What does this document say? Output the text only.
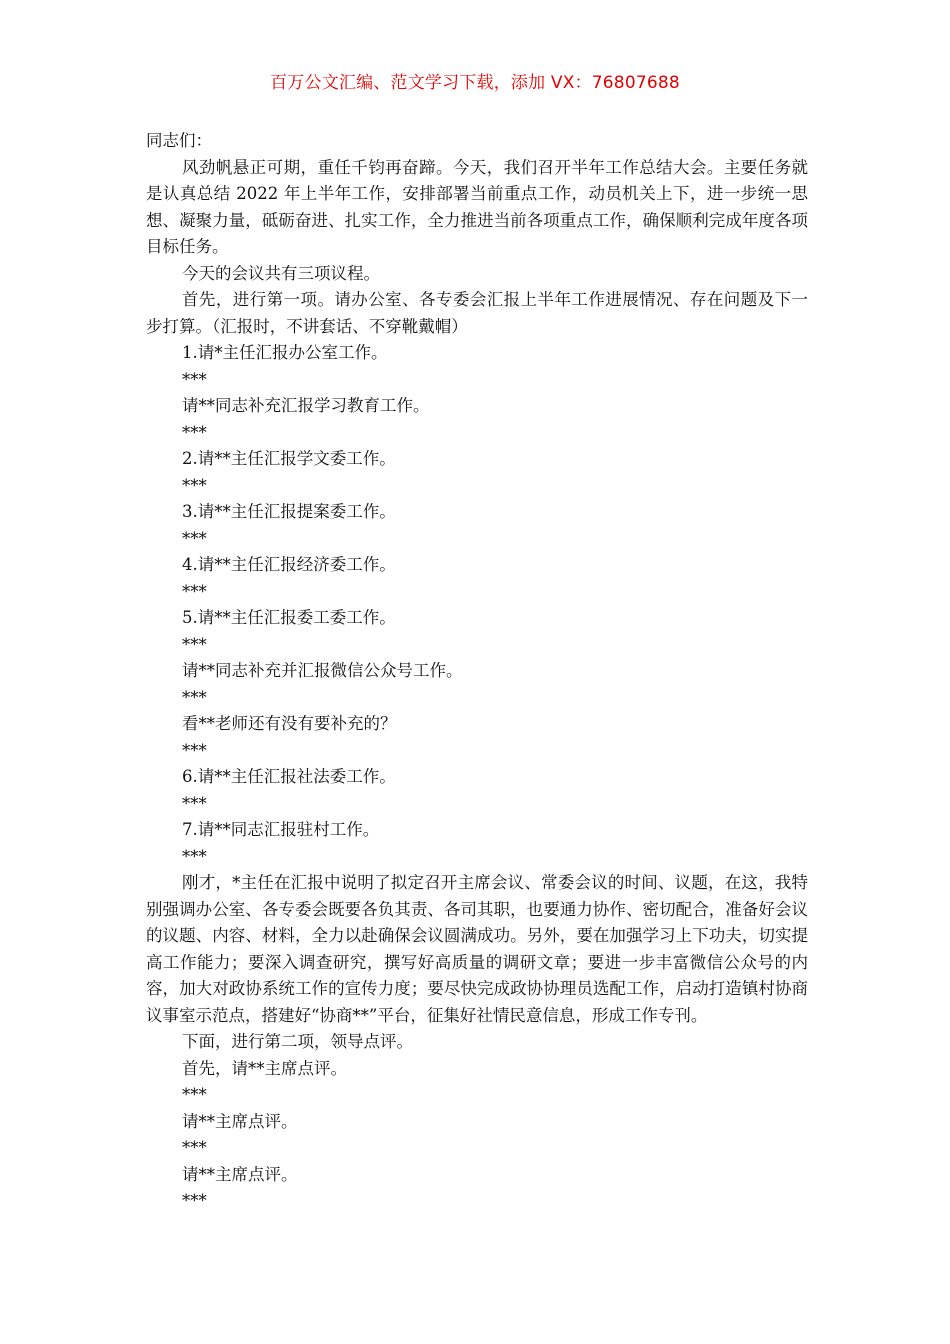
百万公文汇编、范文学习下载，添加 VX：76807688

同志们：

风劲帆悬正可期，重任千钧再奋蹄。今天，我们召开半年工作总结大会。主要任务就是认真总结 2022 年上半年工作，安排部署当前重点工作，动员机关上下，进一步统一思想、凝聚力量，砥砺奋进、扎实工作，全力推进当前各项重点工作，确保顺利完成年度各项目标任务。

今天的会议共有三项议程。

首先，进行第一项。请办公室、各专委会汇报上半年工作进展情况、存在问题及下一步打算。（汇报时，不讲套话、不穿靴戴帽）

1.请*主任汇报办公室工作。

***

请**同志补充汇报学习教育工作。

***

2.请**主任汇报学文委工作。

***

3.请**主任汇报提案委工作。

***

4.请**主任汇报经济委工作。

***

5.请**主任汇报委工委工作。

***

请**同志补充并汇报微信公众号工作。

***

看**老师还有没有要补充的？

***

6.请**主任汇报社法委工作。

***

7.请**同志汇报驻村工作。

***

刚才，*主任在汇报中说明了拟定召开主席会议、常委会议的时间、议题，在这，我特别强调办公室、各专委会既要各负其责、各司其职，也要通力协作、密切配合，准备好会议的议题、内容、材料，全力以赴确保会议圆满成功。另外，要在加强学习上下功夫，切实提高工作能力；要深入调查研究，撰写好高质量的调研文章；要进一步丰富微信公众号的内容，加大对政协系统工作的宣传力度；要尽快完成政协协理员选配工作，启动打造镇村协商议事室示范点，搭建好“协商**”平台，征集好社情民意信息，形成工作专刊。

下面，进行第二项，领导点评。

首先，请**主席点评。

***

请**主席点评。

***

请**主席点评。

***
